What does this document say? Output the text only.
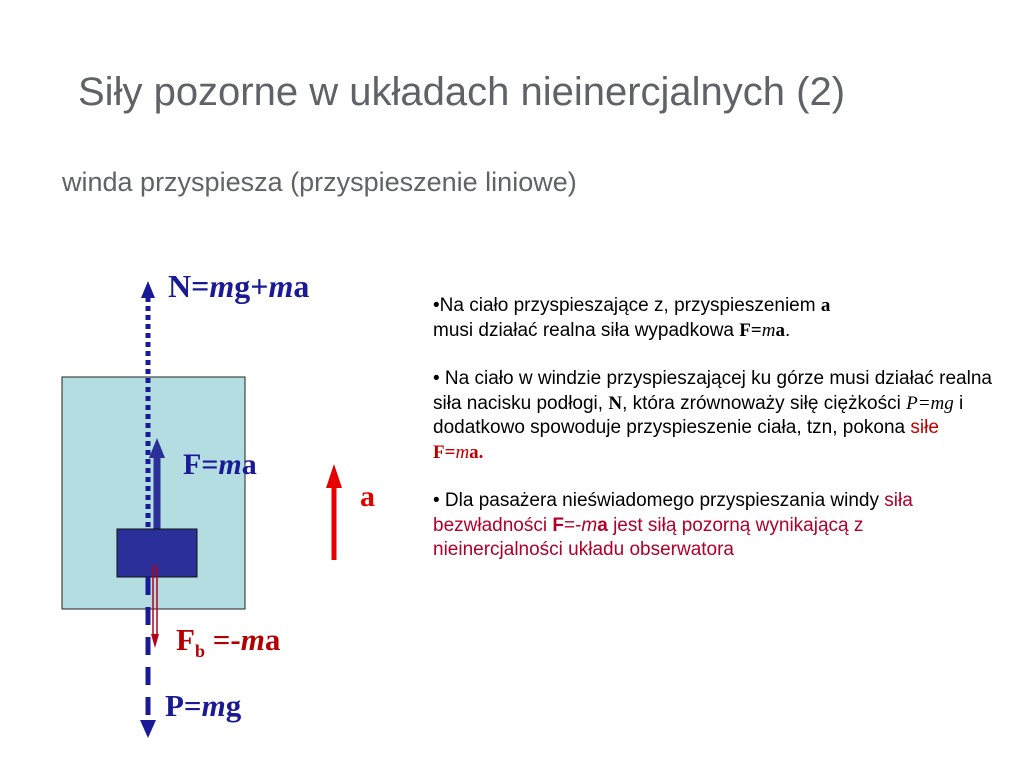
Siły pozorne w układach nieinercjalnych (2)
winda przyspiesza (przyspieszenie liniowe)
N=mg+ma
F=ma
a
$F_b =-ma$
P=mg
•Na ciało przyspieszające z, przyspieszeniem a
musi działać realna siła wypadkowa F=ma.
• Na ciało w windzie przyspieszającej ku górze musi działać realna siła nacisku podłogi, N, która zrównoważy siłę ciężkości P=mg i dodatkowo spowoduje przyspieszenie ciała, tzn, pokona siłe F=ma.
• Dla pasażera nieświadomego przyspieszania windy siła bezwładności F=-ma jest siłą pozorną wynikającą z nieinercjalności układu obserwatora
